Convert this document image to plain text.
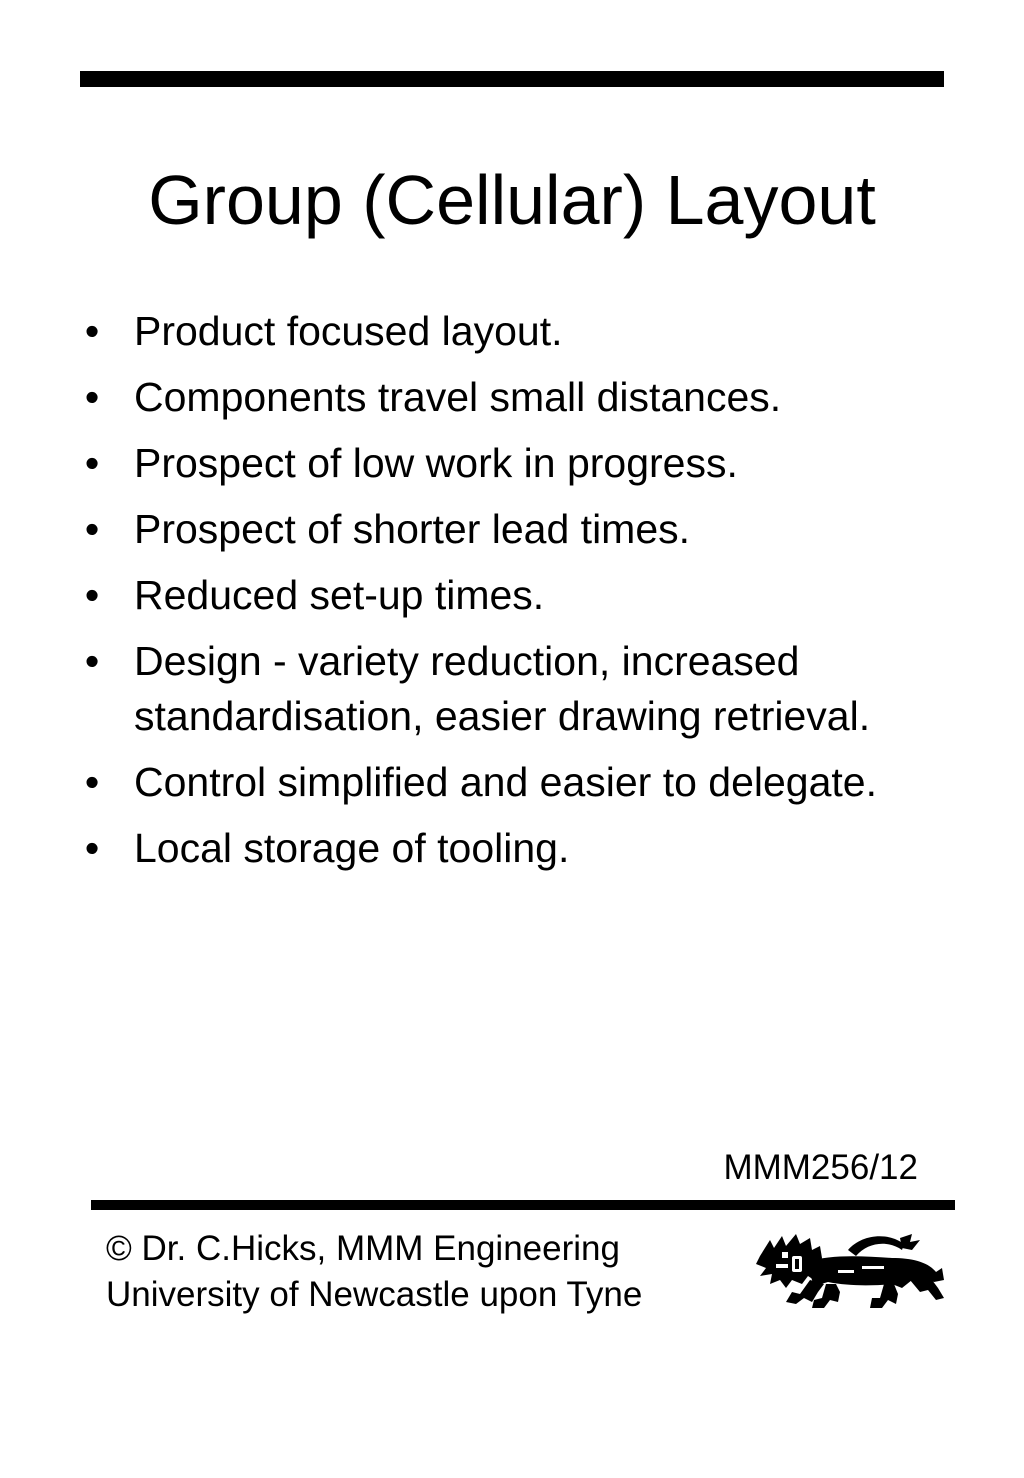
Group (Cellular) Layout
• Product focused layout.
• Components travel small distances.
• Prospect of low work in progress.
• Prospect of shorter lead times.
• Reduced set-up times.
• Design - variety reduction, increased standardisation, easier drawing retrieval.
• Control simplified and easier to delegate.
• Local storage of tooling.
MMM256/12
© Dr. C.Hicks, MMM Engineering
University of Newcastle upon Tyne
